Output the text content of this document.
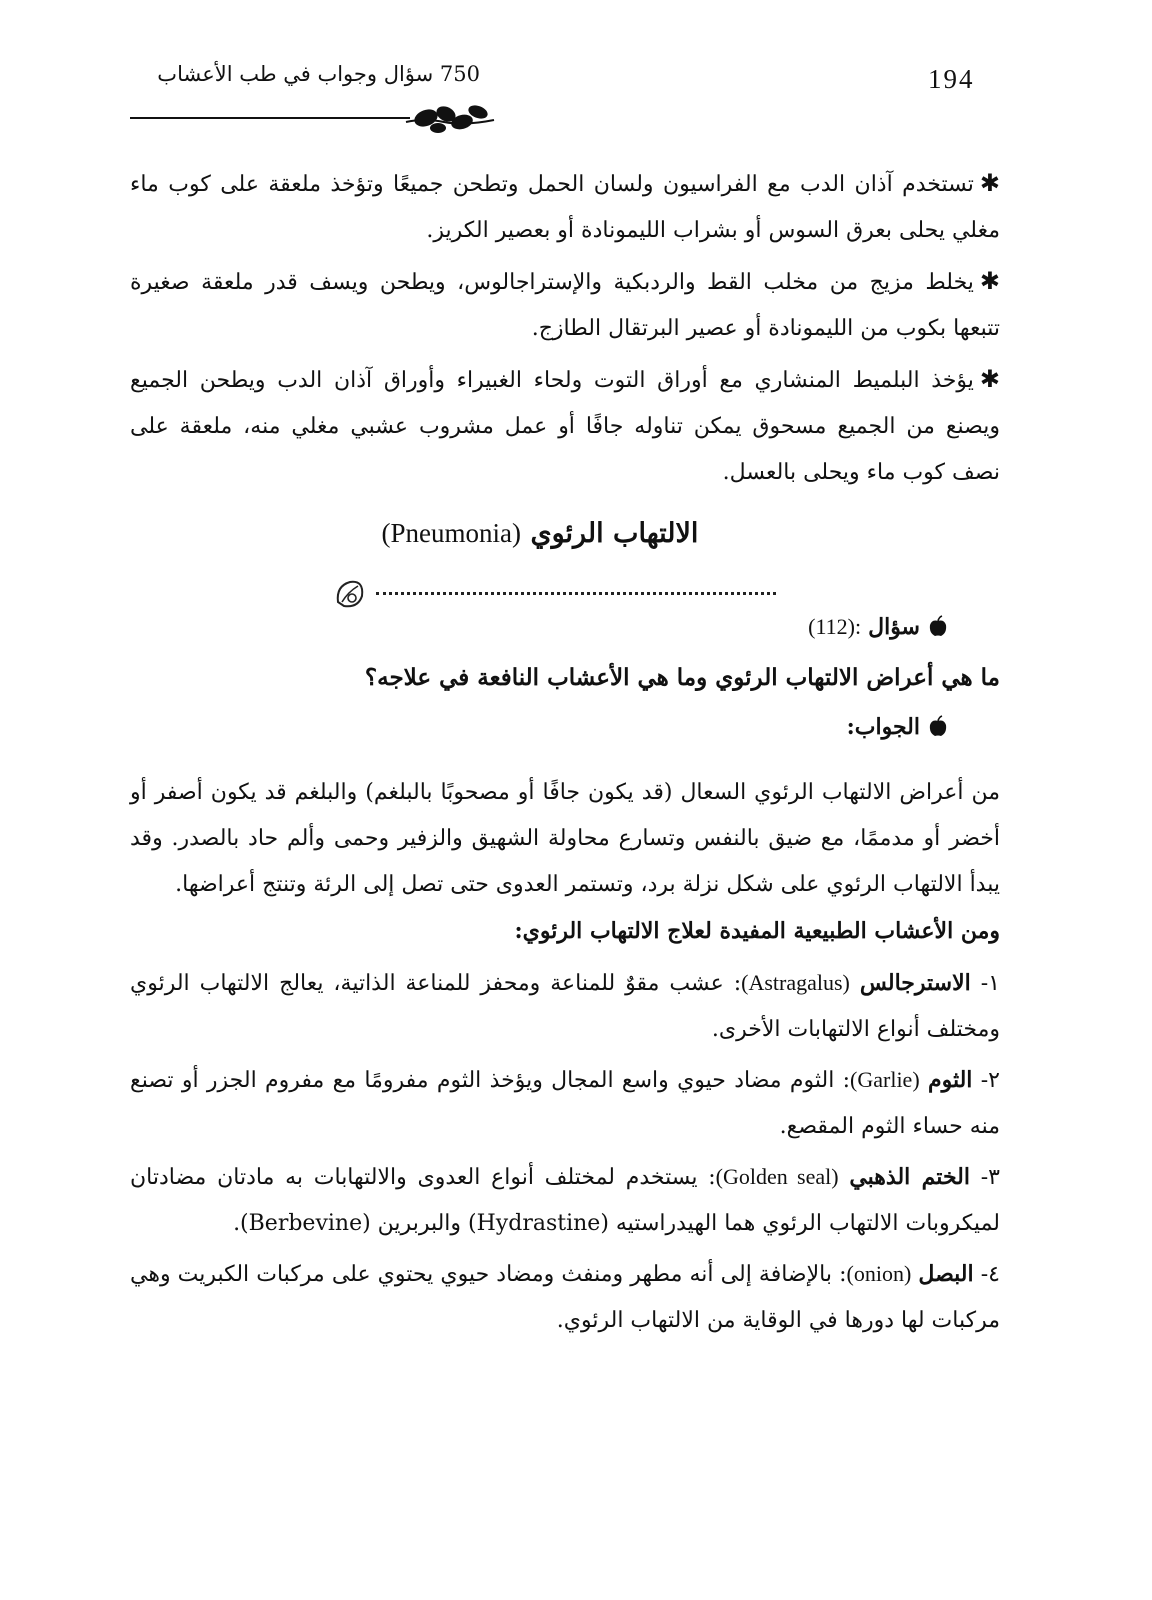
194
750 سؤال وجواب في طب الأعشاب

✱تستخدم آذان الدب مع الفراسيون ولسان الحمل وتطحن جميعًا وتؤخذ ملعقة على كوب ماء مغلي يحلى بعرق السوس أو بشراب الليمونادة أو بعصير الكريز.

✱يخلط مزيج من مخلب القط والردبكية والإستراجالوس، ويطحن ويسف قدر ملعقة صغيرة تتبعها بكوب من الليمونادة أو عصير البرتقال الطازج.

✱يؤخذ البلميط المنشاري مع أوراق التوت ولحاء الغبيراء وأوراق آذان الدب ويطحن الجميع ويصنع من الجميع مسحوق يمكن تناوله جافًا أو عمل مشروب عشبي مغلي منه، ملعقة على نصف كوب ماء ويحلى بالعسل.

الالتهاب الرئوي (Pneumonia)
سؤال (112):
ما هي أعراض الالتهاب الرئوي وما هي الأعشاب النافعة في علاجه؟
الجواب:

من أعراض الالتهاب الرئوي السعال (قد يكون جافًا أو مصحوبًا بالبلغم) والبلغم قد يكون أصفر أو أخضر أو مدممًا، مع ضيق بالنفس وتسارع محاولة الشهيق والزفير وحمى وألم حاد بالصدر. وقد يبدأ الالتهاب الرئوي على شكل نزلة برد، وتستمر العدوى حتى تصل إلى الرئة وتنتج أعراضها.

ومن الأعشاب الطبيعية المفيدة لعلاج الالتهاب الرئوي:

١- الاسترجالس (Astragalus): عشب مقوٌ للمناعة ومحفز للمناعة الذاتية، يعالج الالتهاب الرئوي ومختلف أنواع الالتهابات الأخرى.

٢- الثوم (Garlie): الثوم مضاد حيوي واسع المجال ويؤخذ الثوم مفرومًا مع مفروم الجزر أو تصنع منه حساء الثوم المقصع.

٣- الختم الذهبي (Golden seal): يستخدم لمختلف أنواع العدوى والالتهابات به مادتان مضادتان لميكروبات الالتهاب الرئوي هما الهيدراستيه (Hydrastine) والبربرين (Berbevine).

٤- البصل (onion): بالإضافة إلى أنه مطهر ومنفث ومضاد حيوي يحتوي على مركبات الكبريت وهي مركبات لها دورها في الوقاية من الالتهاب الرئوي.
